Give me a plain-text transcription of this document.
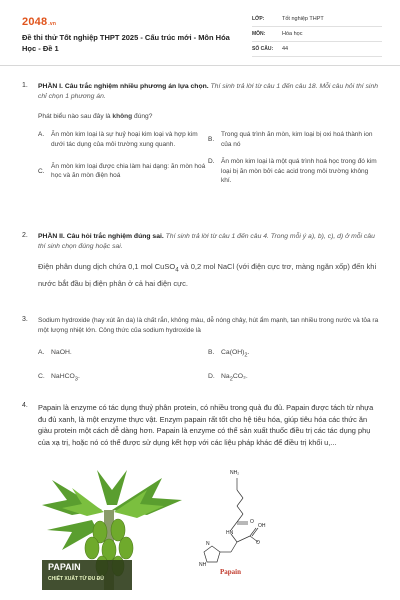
2048.vn
Đề thi thử Tốt nghiệp THPT 2025 - Cấu trúc mới - Môn Hóa Học - Đề 1
LỚP:	Tốt nghiệp THPT
MÔN:	Hóa học
SỐ CÂU:	44
1. PHẦN I. Câu trắc nghiệm nhiều phương án lựa chọn. Thí sinh trả lời từ câu 1 đến câu 18. Mỗi câu hỏi thí sinh chỉ chọn 1 phương án.

Phát biểu nào sau đây là không đúng?

A.	Ăn mòn kim loại là sự huỷ hoại kim loại và hợp kim dưới tác dụng của môi trường xung quanh.
B.
Trong quá trình ăn mòn, kim loại bị oxi hoá thành ion của nó
C.
Ăn mòn kim loại được chia làm hai dạng: ăn mòn hoá học và ăn mòn điện hoá
D.	Ăn mòn kim loại là một quá trình hoá học trong đó kim loại bị ăn mòn bởi các acid trong môi trường không khí.
2. PHẦN II. Câu hỏi trắc nghiệm đúng sai. Thí sinh trả lời từ câu 1 đến câu 4. Trong mỗi ý a), b), c), d) ở mỗi câu thí sinh chọn đúng hoặc sai.

Điện phân dung dịch chứa 0,1 mol CuSO$_4$ và 0,2 mol NaCl (với điện cực trơ, màng ngăn xốp) đến khi nước bắt đầu bị điện phân ở cả hai điện cực.

3. Sodium hydroxide (hay xút ăn da) là chất rắn, không màu, dễ nóng chảy, hút ẩm mạnh, tan nhiều trong nước và tỏa ra một lượng nhiệt lớn. Công thức của sodium hydroxide là

A. NaOH.	B. $Ca(OH)_2$.
C. NaHCO$_3$.	D. $Na_2CO_3$.
4. Papain là enzyme có tác dụng thuỷ phân protein, có nhiều trong quả đu đủ. Papain được tách từ nhựa đu đủ xanh, là một enzyme thực vật. Enzym papain rất tốt cho hệ tiêu hóa, giúp tiêu hóa các thức ăn giàu protein một cách dễ dàng hơn. Papain là enzyme có thể sản xuất thuốc điều trị các tác dụng phụ của xạ trị, hoặc nó có thể được sử dụng kết hợp với các liệu pháp khác để điều trị khối u,...

PAPAIN
CHIẾT XUẤT TỪ ĐU ĐỦ
NH₂
O
HN
OH
O
N
NH
Papain
